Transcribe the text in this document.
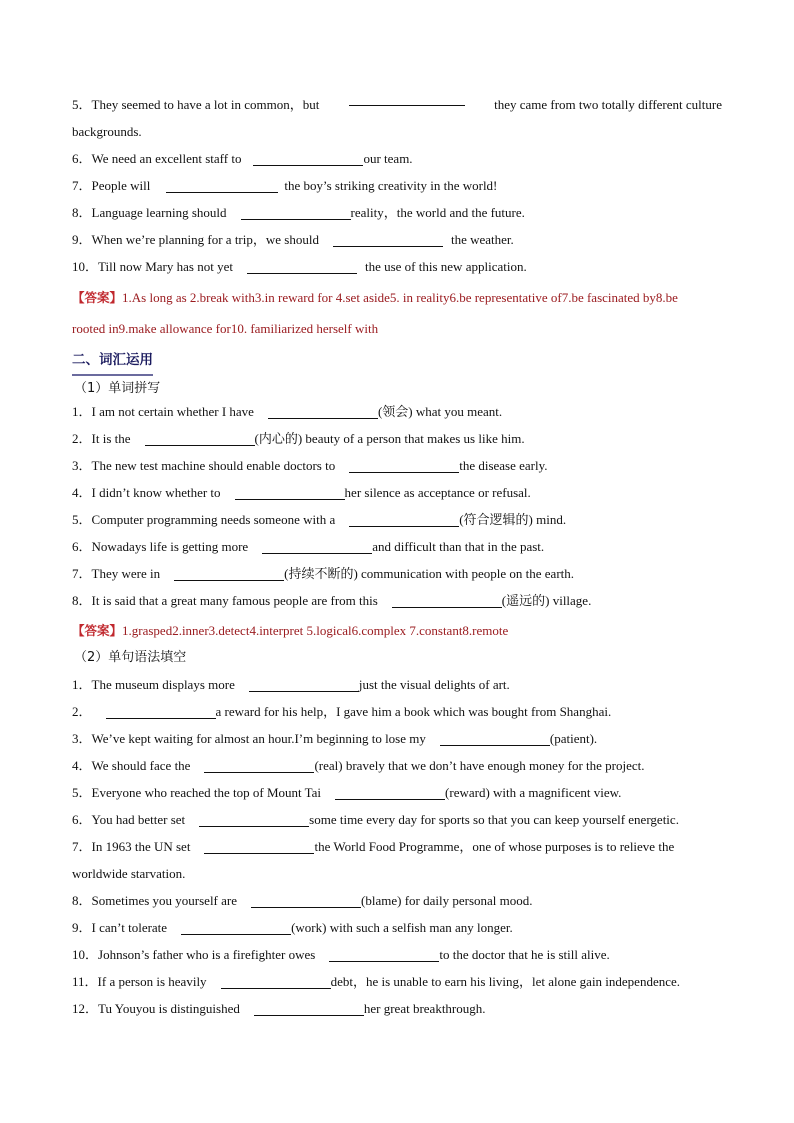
5．They seemed to have a lot in common，but	they came from two totally different culture
backgrounds.
6．We need an excellent staff to	our team.
7．People will	the boy’s striking creativity in the world!
8．Language learning should	reality，the world and the future.
9．When we’re planning for a trip，we should	the weather.
10．Till now Mary has not yet	the use of this new application.
【答案】1.As long as 2.break with3.in reward for 4.set aside5. in reality6.be representative of7.be fascinated by8.be
rooted in9.make allowance for10. familiarized herself with
二、词汇运用
（1）单词拼写
1．I am not certain whether I have	(领会) what you meant.
2．It is the	(内心的) beauty of a person that makes us like him.
3．The new test machine should enable doctors to	the disease early.
4．I didn’t know whether to	her silence as acceptance or refusal.
5．Computer programming needs someone with a	(符合逻辑的) mind.
6．Nowadays life is getting more	and difficult than that in the past.
7．They were in	(持续不断的) communication with people on the earth.
8．It is said that a great many famous people are from this	(遥远的) village.
【答案】1.grasped2.inner3.detect4.interpret 5.logical6.complex 7.constant8.remote
（2）单句语法填空
1．The museum displays more	just the visual delights of art.
2．	a reward for his help，I gave him a book which was bought from Shanghai.
3．We’ve kept waiting for almost an hour.I’m beginning to lose my	(patient).
4．We should face the	(real) bravely that we don’t have enough money for the project.
5．Everyone who reached the top of Mount Tai	(reward) with a magnificent view.
6．You had better set	some time every day for sports so that you can keep yourself energetic.
7．In 1963 the UN set	the World Food Programme，one of whose purposes is to relieve the
worldwide starvation.
8．Sometimes you yourself are	(blame) for daily personal mood.
9．I can’t tolerate	(work) with such a selfish man any longer.
10．Johnson’s father who is a firefighter owes	to the doctor that he is still alive.
11．If a person is heavily	debt，he is unable to earn his living，let alone gain independence.
12．Tu Youyou is distinguished	her great breakthrough.
